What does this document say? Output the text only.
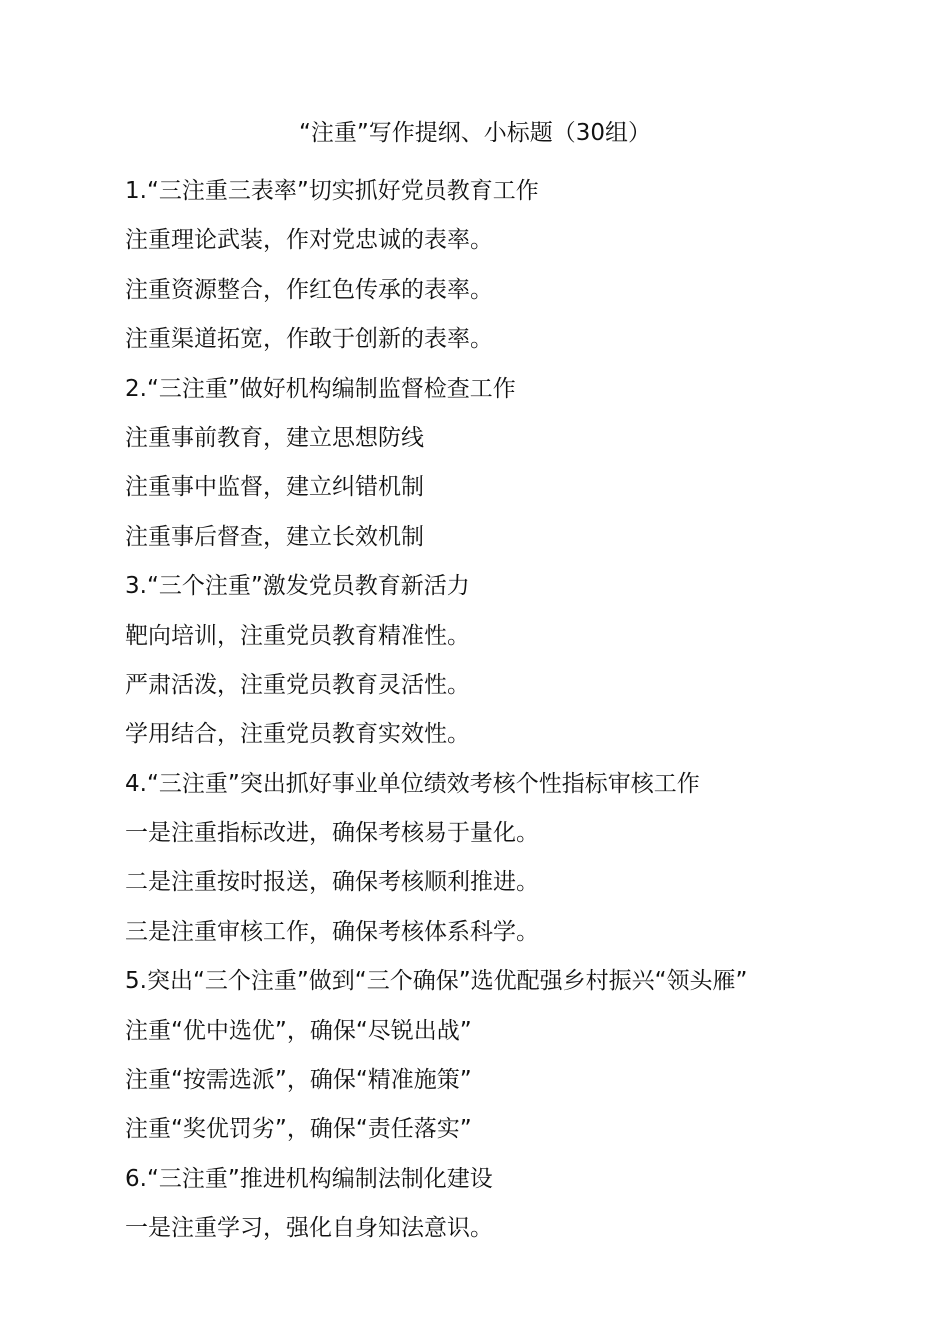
“注重”写作提纲、小标题（30组）
1.“三注重三表率”切实抓好党员教育工作
注重理论武装，作对党忠诚的表率。
注重资源整合，作红色传承的表率。
注重渠道拓宽，作敢于创新的表率。
2.“三注重”做好机构编制监督检查工作
注重事前教育，建立思想防线
注重事中监督，建立纠错机制
注重事后督查，建立长效机制
3.“三个注重”激发党员教育新活力
靶向培训，注重党员教育精准性。
严肃活泼，注重党员教育灵活性。
学用结合，注重党员教育实效性。
4.“三注重”突出抓好事业单位绩效考核个性指标审核工作
一是注重指标改进，确保考核易于量化。
二是注重按时报送，确保考核顺利推进。
三是注重审核工作，确保考核体系科学。
5.突出“三个注重”做到“三个确保”选优配强乡村振兴“领头雁”
注重“优中选优”，确保“尽锐出战”
注重“按需选派”，确保“精准施策”
注重“奖优罚劣”，确保“责任落实”
6.“三注重”推进机构编制法制化建设
一是注重学习，强化自身知法意识。
